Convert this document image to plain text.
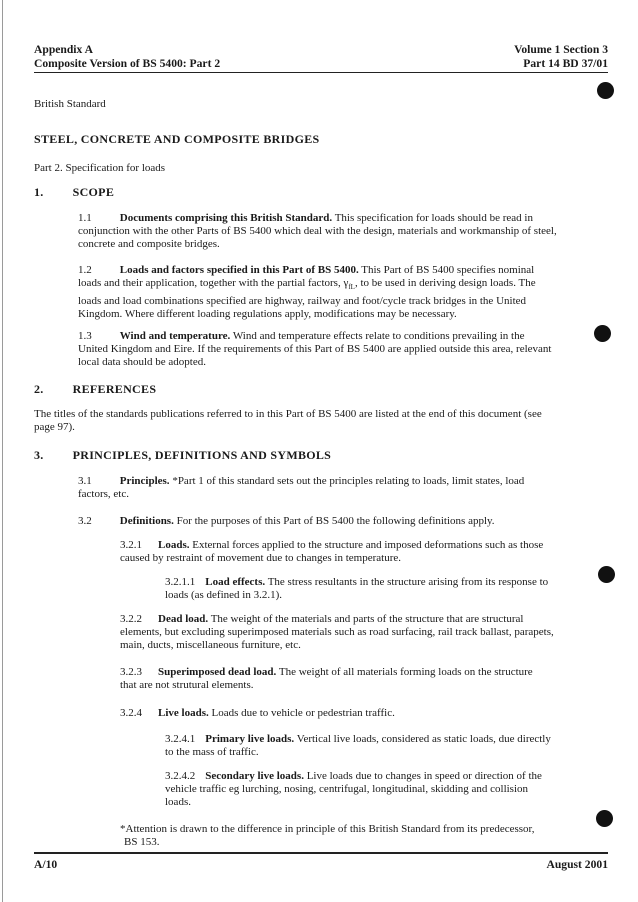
Appendix A
Composite Version of BS 5400: Part 2
Volume 1 Section 3
Part 14 BD 37/01
British Standard
STEEL, CONCRETE AND COMPOSITE BRIDGES
Part 2. Specification for loads
1. SCOPE
1.1	Documents comprising this British Standard. This specification for loads should be read in
conjunction with the other Parts of BS 5400 which deal with the design, materials and workmanship of steel,
concrete and composite bridges.
1.2	Loads and factors specified in this Part of BS 5400. This Part of BS 5400 specifies nominal
loads and their application, together with the partial factors, $\gamma_{fL}$, to be used in deriving design loads. The
loads and load combinations specified are highway, railway and foot/cycle track bridges in the United
Kingdom. Where different loading regulations apply, modifications may be necessary.
1.3	Wind and temperature. Wind and temperature effects relate to conditions prevailing in the
United Kingdom and Eire. If the requirements of this Part of BS 5400 are applied outside this area, relevant
local data should be adopted.
2. REFERENCES
The titles of the standards publications referred to in this Part of BS 5400 are listed at the end of this document (see
page 97).
3. PRINCIPLES, DEFINITIONS AND SYMBOLS
3.1	Principles. *Part 1 of this standard sets out the principles relating to loads, limit states, load
factors, etc.
3.2	Definitions. For the purposes of this Part of BS 5400 the following definitions apply.
3.2.1 Loads. External forces applied to the structure and imposed deformations such as those
caused by restraint of movement due to changes in temperature.
3.2.1.1 Load effects. The stress resultants in the structure arising from its response to
loads (as defined in 3.2.1).
3.2.2 Dead load. The weight of the materials and parts of the structure that are structural
elements, but excluding superimposed materials such as road surfacing, rail track ballast, parapets,
main, ducts, miscellaneous furniture, etc.
3.2.3 Superimposed dead load. The weight of all materials forming loads on the structure
that are not strutural elements.
3.2.4 Live loads. Loads due to vehicle or pedestrian traffic.
3.2.4.1 Primary live loads. Vertical live loads, considered as static loads, due directly
to the mass of traffic.
3.2.4.2 Secondary live loads. Live loads due to changes in speed or direction of the
vehicle traffic eg lurching, nosing, centrifugal, longitudinal, skidding and collision
loads.
*Attention is drawn to the difference in principle of this British Standard from its predecessor,
BS 153.
A/10	August 2001
